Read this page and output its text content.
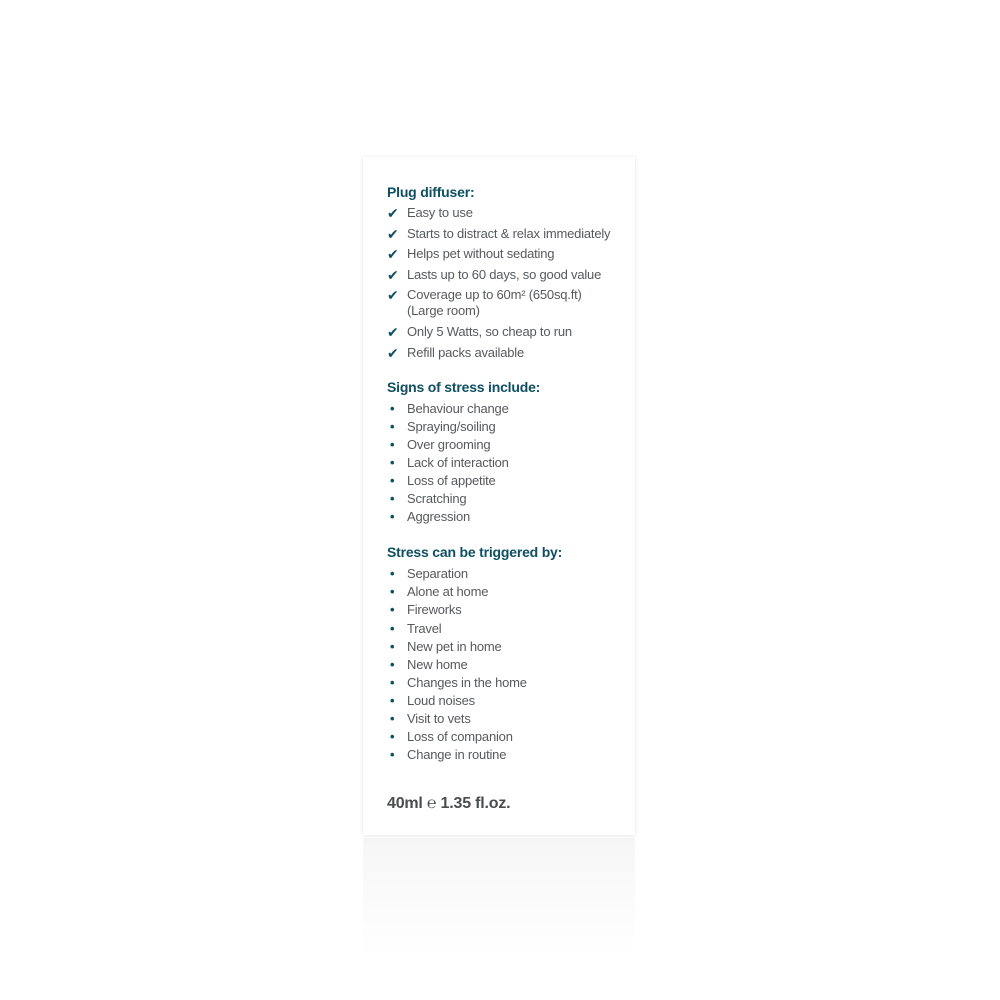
Plug diffuser:
✔ Easy to use
✔ Starts to distract & relax immediately
✔ Helps pet without sedating
✔ Lasts up to 60 days, so good value
✔ Coverage up to 60m² (650sq.ft) (Large room)
✔ Only 5 Watts, so cheap to run
✔ Refill packs available
Signs of stress include:
• Behaviour change
• Spraying/soiling
• Over grooming
• Lack of interaction
• Loss of appetite
• Scratching
• Aggression
Stress can be triggered by:
• Separation
• Alone at home
• Fireworks
• Travel
• New pet in home
• New home
• Changes in the home
• Loud noises
• Visit to vets
• Loss of companion
• Change in routine
40ml ℮ 1.35 fl.oz.
